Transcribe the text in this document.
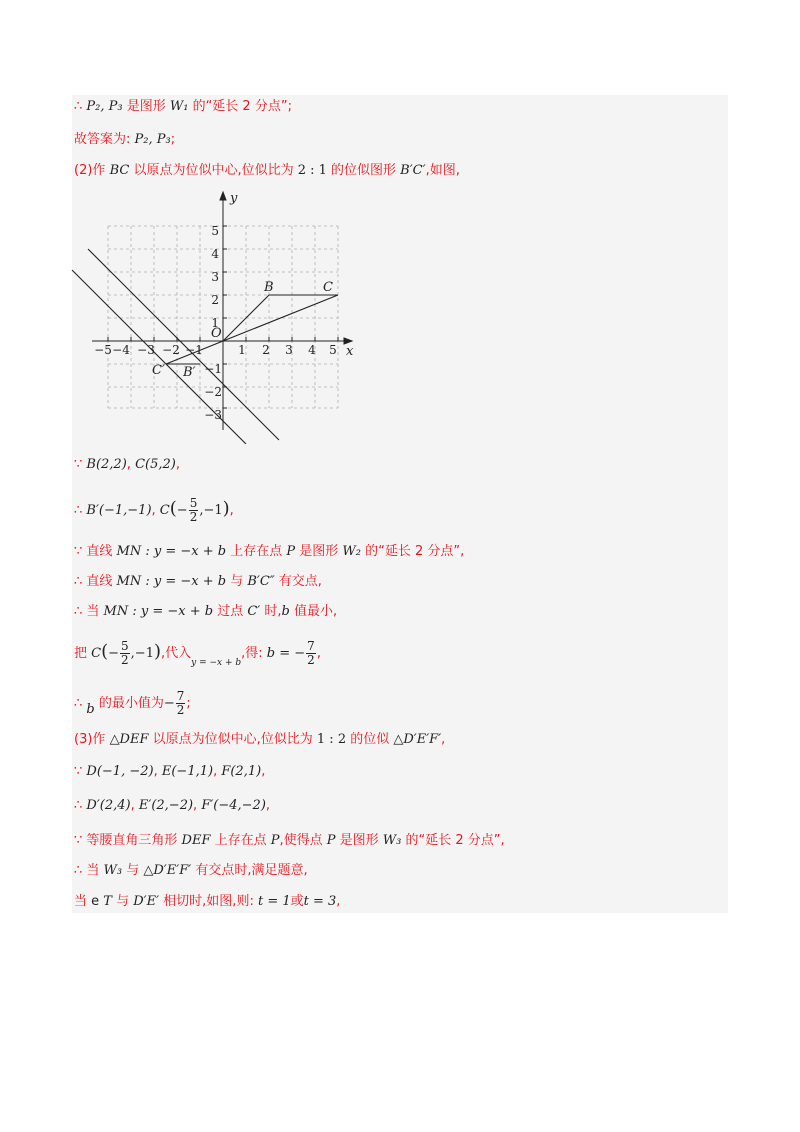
∴ P₂, P₃ 是图形 W₁ 的“延长 2 分点”;
故答案为: P₂, P₃;
(2)作 BC 以原点为位似中心,位似比为 2 : 1 的位似图形 B′C′,如图,
−5 −4 −3 −2 −1	1 2 3 4 5
5
4
3
2
1
−1
−2
−3
x
y
O
B	C
B′
C′
∵ B(2,2), C(5,2),
∴ B′(−1,−1), $C(- \frac{5}{2} ,-1)$,
∵ 直线 MN : y = −x + b 上存在点 P 是图形 W₂ 的“延长 2 分点”,
∴ 直线 MN : y = −x + b 与 B′C″ 有交点,
∴ 当 MN : y = −x + b 过点 C′ 时,b 值最小,
把 $C(- \frac{5}{2} ,-1)$,代入$_{y = -x + b}$,得: b = − $\frac{7}{2}$ ,
∴ b 的最小值为− $\frac{7}{2}$ ;
(3)作 △DEF 以原点为位似中心,位似比为 1 : 2 的位似 △D′E′F′,
∵ D(−1, −2), E(−1,1), F(2,1),
∴ D′(2,4), E′(2,−2), F′(−4,−2),
∵ 等腰直角三角形 DEF 上存在点 P,使得点 P 是图形 W₃ 的“延长 2 分点”,
∴ 当 W₃ 与 △D′E′F′ 有交点时,满足题意,
当 e T 与 D′E′ 相切时,如图,则: t = 1或t = 3,
